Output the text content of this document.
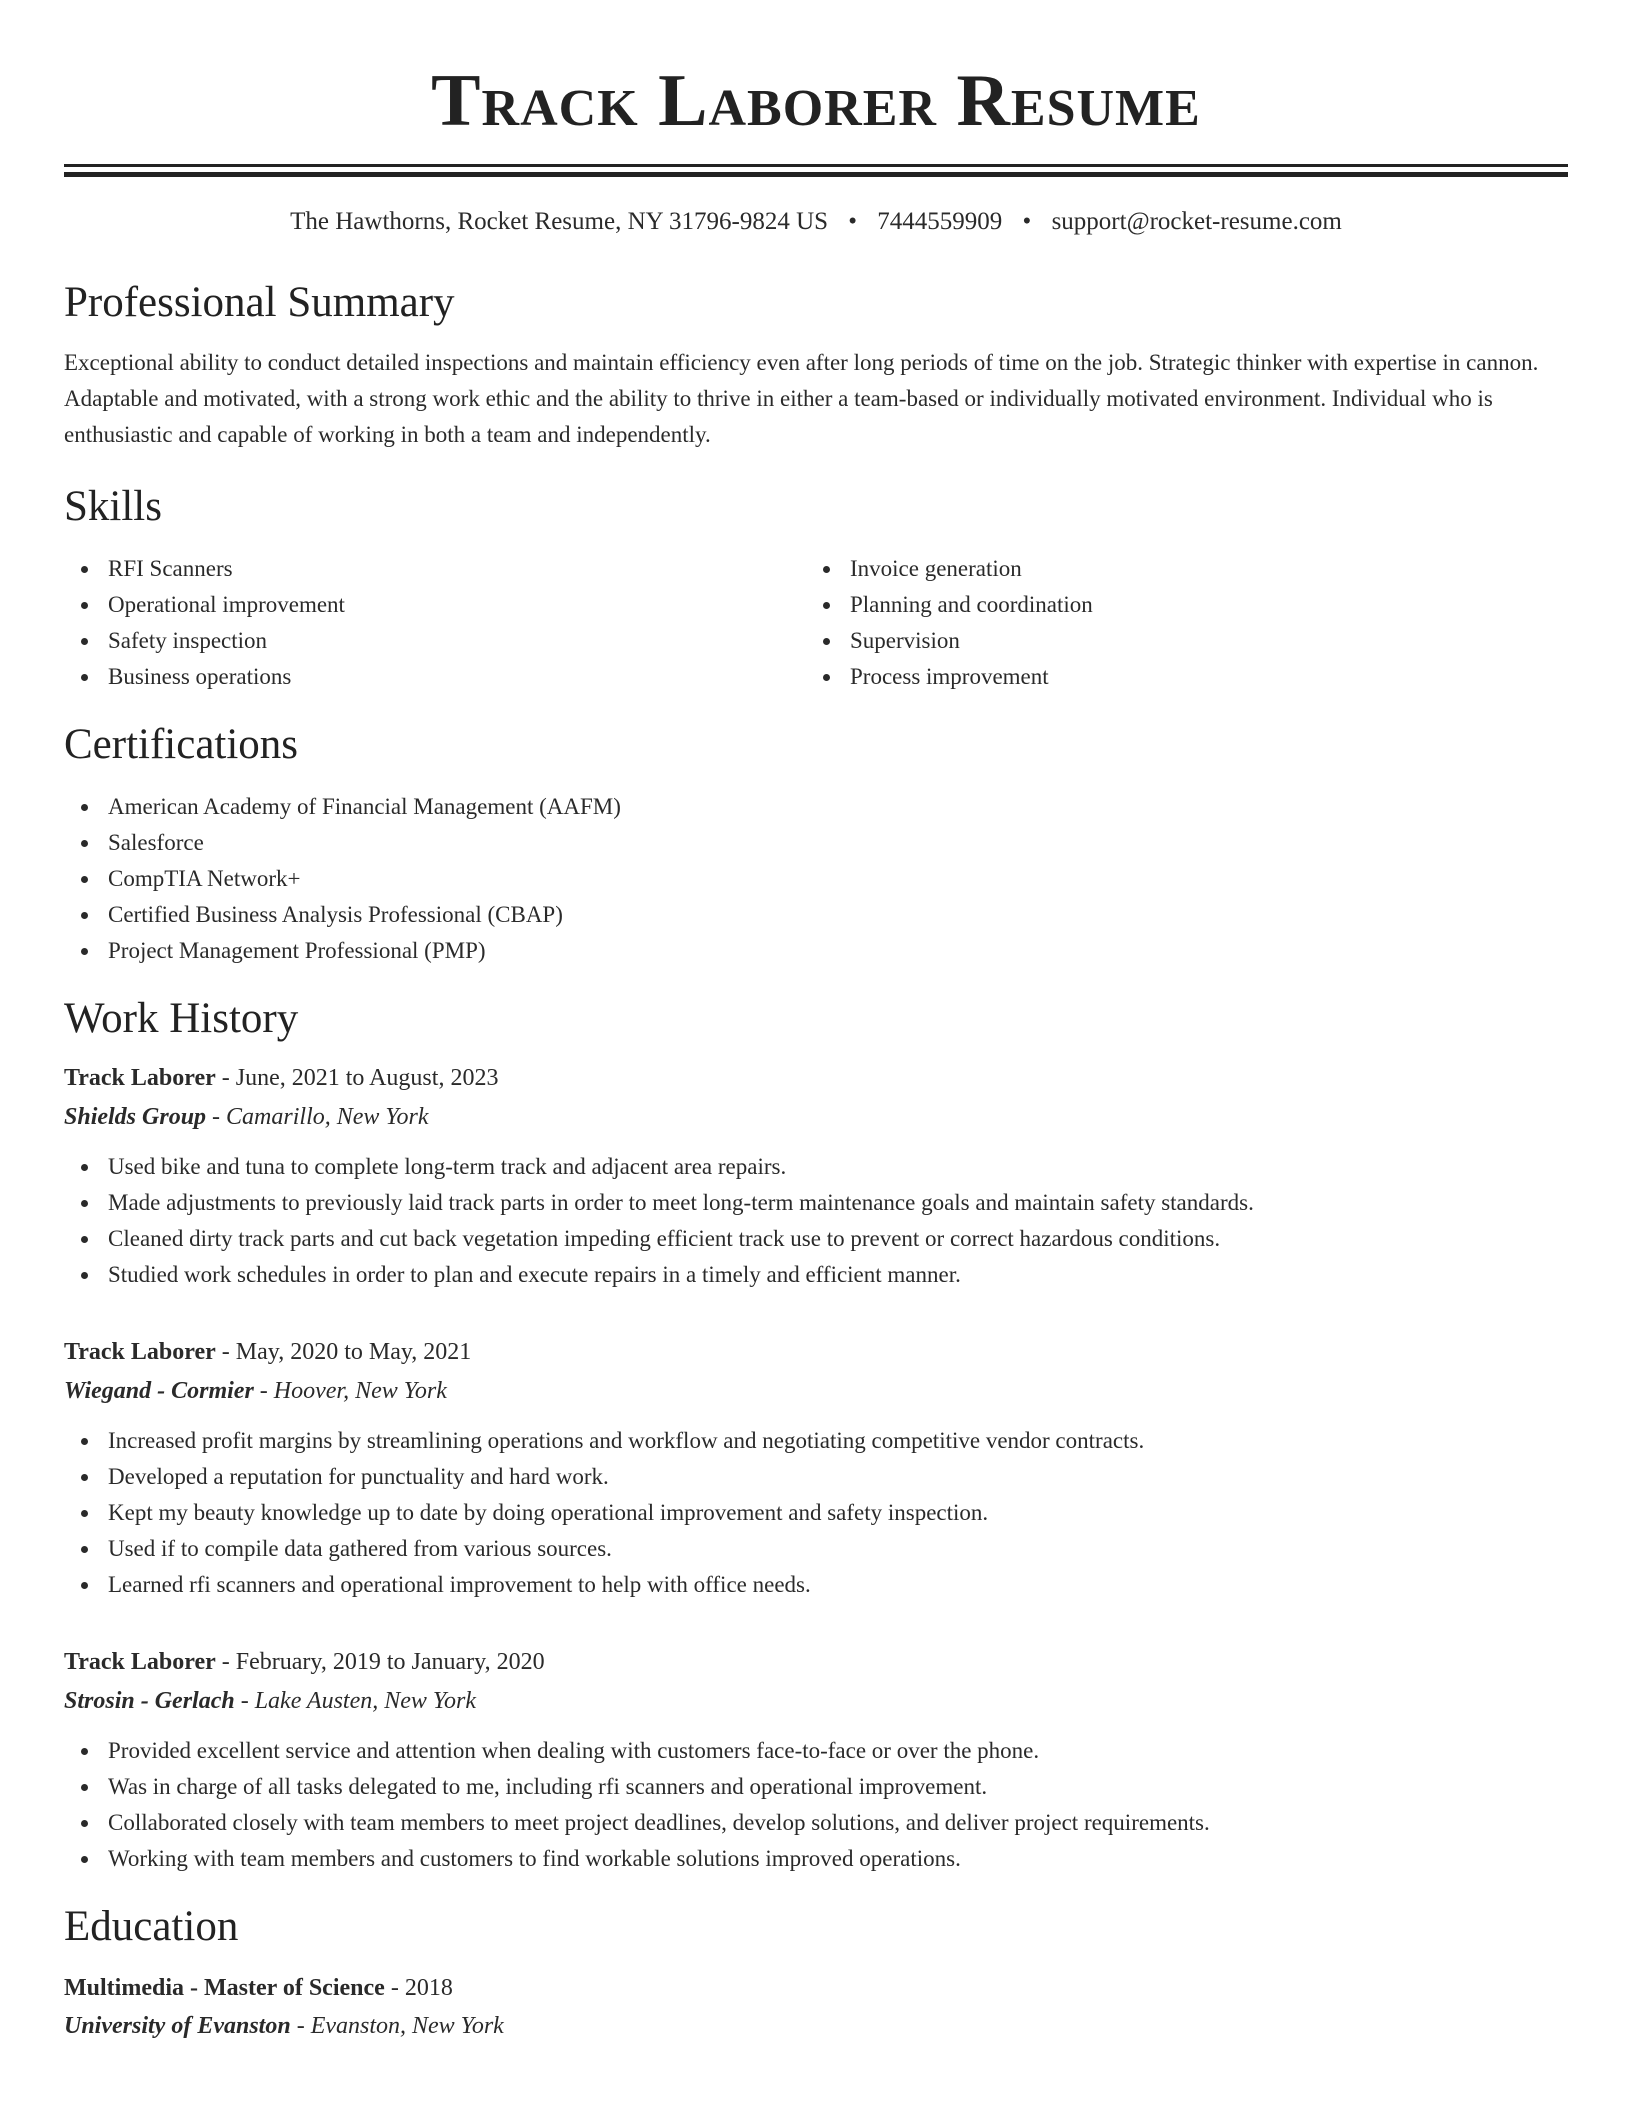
Track Laborer Resume
The Hawthorns, Rocket Resume, NY 31796-9824 US • 7444559909 • support@rocket-resume.com
Professional Summary

Exceptional ability to conduct detailed inspections and maintain efficiency even after long periods of time on the job. Strategic thinker with expertise in cannon. Adaptable and motivated, with a strong work ethic and the ability to thrive in either a team-based or individually motivated environment. Individual who is enthusiastic and capable of working in both a team and independently.

Skills
RFI Scanners
Operational improvement
Safety inspection
Business operations
Invoice generation
Planning and coordination
Supervision
Process improvement
Certifications
American Academy of Financial Management (AAFM)
Salesforce
CompTIA Network+
Certified Business Analysis Professional (CBAP)
Project Management Professional (PMP)
Work History

Track Laborer - June, 2021 to August, 2023

Shields Group - Camarillo, New York

Used bike and tuna to complete long-term track and adjacent area repairs.
Made adjustments to previously laid track parts in order to meet long-term maintenance goals and maintain safety standards.
Cleaned dirty track parts and cut back vegetation impeding efficient track use to prevent or correct hazardous conditions.
Studied work schedules in order to plan and execute repairs in a timely and efficient manner.

Track Laborer - May, 2020 to May, 2021

Wiegand - Cormier - Hoover, New York

Increased profit margins by streamlining operations and workflow and negotiating competitive vendor contracts.
Developed a reputation for punctuality and hard work.
Kept my beauty knowledge up to date by doing operational improvement and safety inspection.
Used if to compile data gathered from various sources.
Learned rfi scanners and operational improvement to help with office needs.

Track Laborer - February, 2019 to January, 2020

Strosin - Gerlach - Lake Austen, New York

Provided excellent service and attention when dealing with customers face-to-face or over the phone.
Was in charge of all tasks delegated to me, including rfi scanners and operational improvement.
Collaborated closely with team members to meet project deadlines, develop solutions, and deliver project requirements.
Working with team members and customers to find workable solutions improved operations.
Education

Multimedia - Master of Science - 2018

University of Evanston - Evanston, New York
